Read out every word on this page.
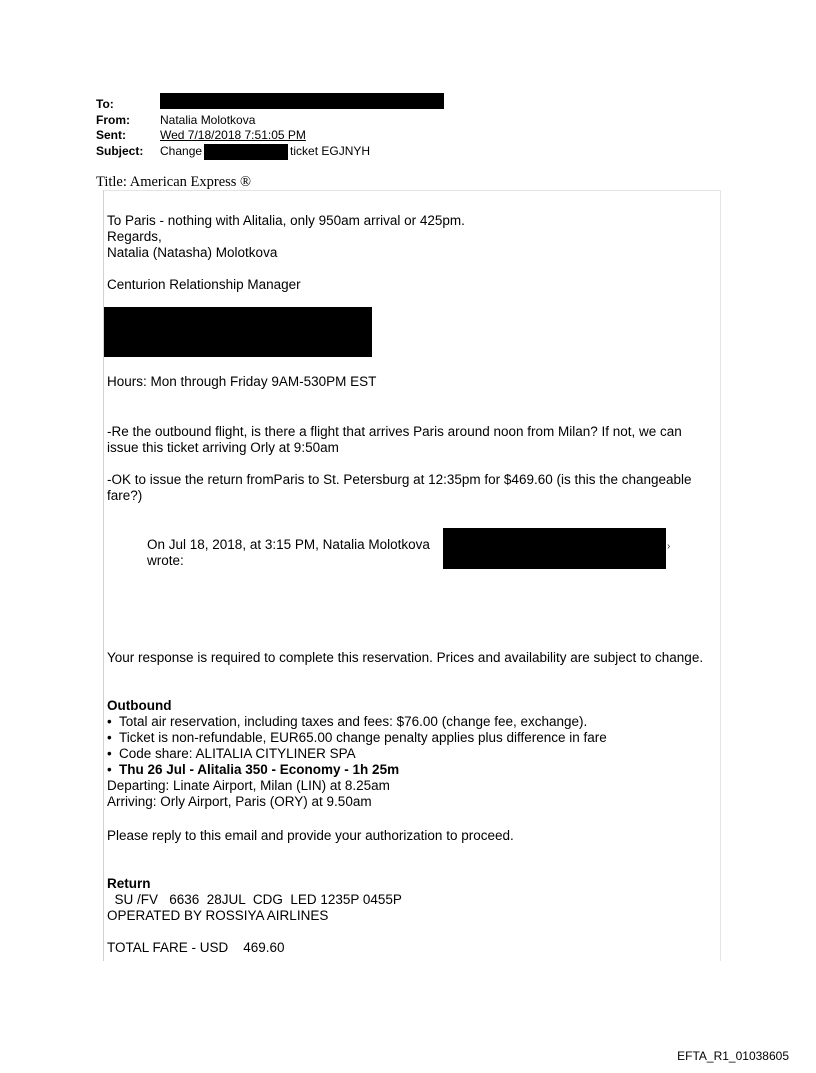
To:
From:	Natalia Molotkova
Sent:	Wed 7/18/2018 7:51:05 PM
Subject:	Change	ticket EGJNYH
Title: American Express ®

To Paris - nothing with Alitalia, only 950am arrival or 425pm.

Regards,

Natalia (Natasha) Molotkova

Centurion Relationship Manager

Hours: Mon through Friday 9AM-530PM EST
-Re the outbound flight, is there a flight that arrives Paris around noon from Milan? If not, we can issue this ticket arriving Orly at 9:50am
-OK to issue the return fromParis to St. Petersburg at 12:35pm for $469.60 (is this the changeable fare?)

On Jul 18, 2018, at 3:15 PM, Natalia Molotkova

wrote:

›
Your response is required to complete this reservation. Prices and availability are subject to change.

Outbound

• Total air reservation, including taxes and fees: $76.00 (change fee, exchange).
• Ticket is non-refundable, EUR65.00 change penalty applies plus difference in fare
• Code share: ALITALIA CITYLINER SPA
• Thu 26 Jul - Alitalia 350 - Economy - 1h 25m

Departing: Linate Airport, Milan (LIN) at 8.25am

Arriving: Orly Airport, Paris (ORY) at 9.50am

Please reply to this email and provide your authorization to proceed.

Return

SU /FV   6636  28JUL  CDG  LED 1235P 0455P

OPERATED BY ROSSIYA AIRLINES

TOTAL FARE - USD    469.60

EFTA_R1_01038605
